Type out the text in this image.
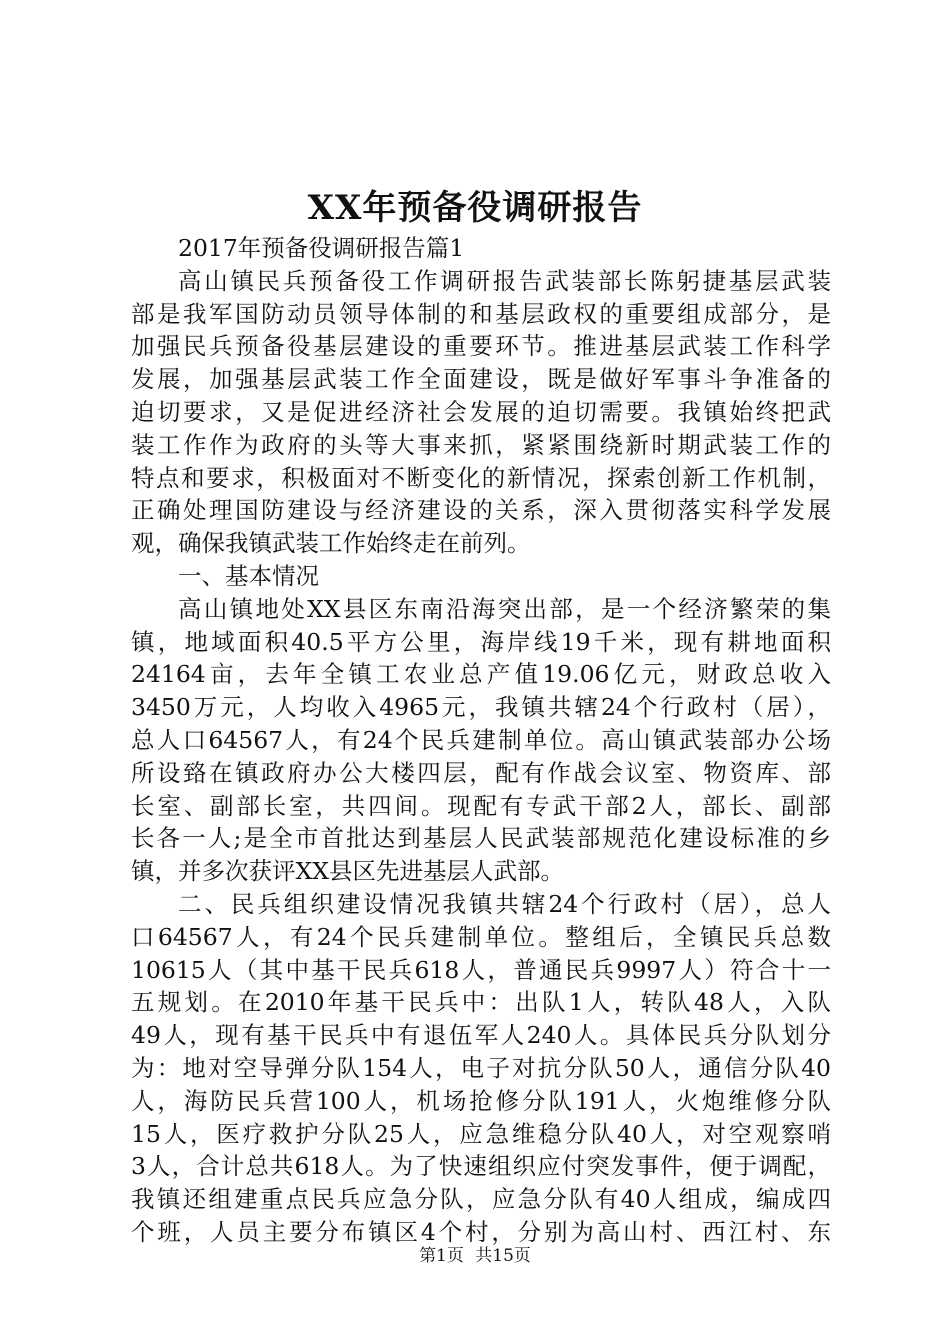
XX年预备役调研报告
2017年预备役调研报告篇1
高山镇民兵预备役工作调研报告武装部长陈躬捷基层武装
部是我军国防动员领导体制的和基层政权的重要组成部分，是
加强民兵预备役基层建设的重要环节。推进基层武装工作科学
发展，加强基层武装工作全面建设，既是做好军事斗争准备的
迫切要求，又是促进经济社会发展的迫切需要。我镇始终把武
装工作作为政府的头等大事来抓，紧紧围绕新时期武装工作的
特点和要求，积极面对不断变化的新情况，探索创新工作机制，
正确处理国防建设与经济建设的关系，深入贯彻落实科学发展
观，确保我镇武装工作始终走在前列。
一、基本情况
高山镇地处XX县区东南沿海突出部，是一个经济繁荣的集
镇，地域面积40.5平方公里，海岸线19千米，现有耕地面积
24164亩，去年全镇工农业总产值19.06亿元，财政总收入
3450万元，人均收入4965元，我镇共辖24个行政村（居），
总人口64567人，有24个民兵建制单位。高山镇武装部办公场
所设臵在镇政府办公大楼四层，配有作战会议室、物资库、部
长室、副部长室，共四间。现配有专武干部2人，部长、副部
长各一人;是全市首批达到基层人民武装部规范化建设标准的乡
镇，并多次获评XX县区先进基层人武部。
二、民兵组织建设情况我镇共辖24个行政村（居），总人
口64567人，有24个民兵建制单位。整组后，全镇民兵总数
10615人（其中基干民兵618人，普通民兵9997人）符合十一
五规划。在2010年基干民兵中：出队1人，转队48人，入队
49人，现有基干民兵中有退伍军人240人。具体民兵分队划分
为：地对空导弹分队154人，电子对抗分队50人，通信分队40
人，海防民兵营100人，机场抢修分队191人，火炮维修分队
15人，医疗救护分队25人，应急维稳分队40人，对空观察哨
3人，合计总共618人。为了快速组织应付突发事件，便于调配，
我镇还组建重点民兵应急分队，应急分队有40人组成，编成四
个班，人员主要分布镇区4个村，分别为高山村、西江村、东
第1页 共15页
